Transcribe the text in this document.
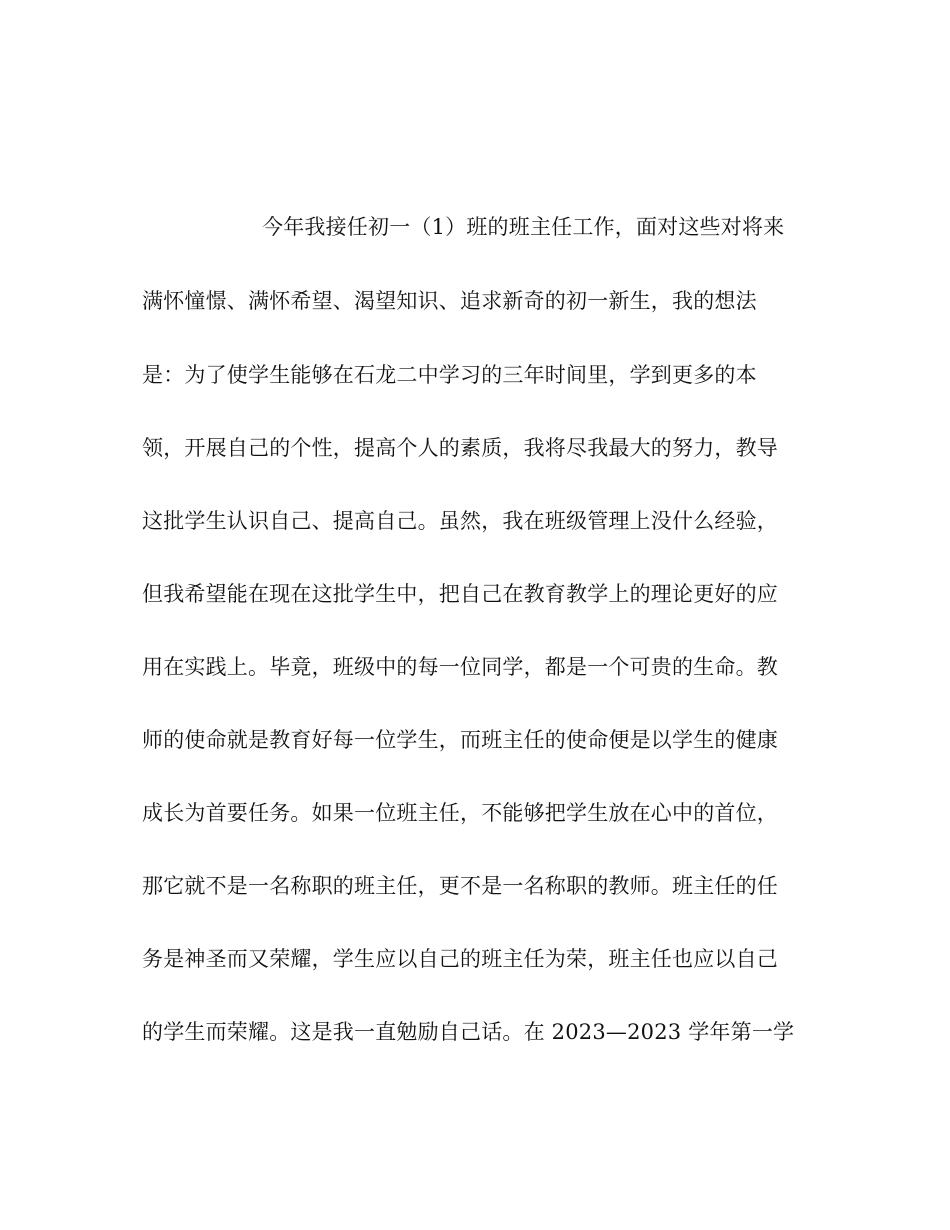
今年我接任初一（1）班的班主任工作，面对这些对将来
满怀憧憬、满怀希望、渴望知识、追求新奇的初一新生，我的想法
是：为了使学生能够在石龙二中学习的三年时间里，学到更多的本
领，开展自己的个性，提高个人的素质，我将尽我最大的努力，教导
这批学生认识自己、提高自己。虽然，我在班级管理上没什么经验，
但我希望能在现在这批学生中，把自己在教育教学上的理论更好的应
用在实践上。毕竟，班级中的每一位同学，都是一个可贵的生命。教
师的使命就是教育好每一位学生，而班主任的使命便是以学生的健康
成长为首要任务。如果一位班主任，不能够把学生放在心中的首位，
那它就不是一名称职的班主任，更不是一名称职的教师。班主任的任
务是神圣而又荣耀，学生应以自己的班主任为荣，班主任也应以自己
的学生而荣耀。这是我一直勉励自己话。在 2023—2023 学年第一学
